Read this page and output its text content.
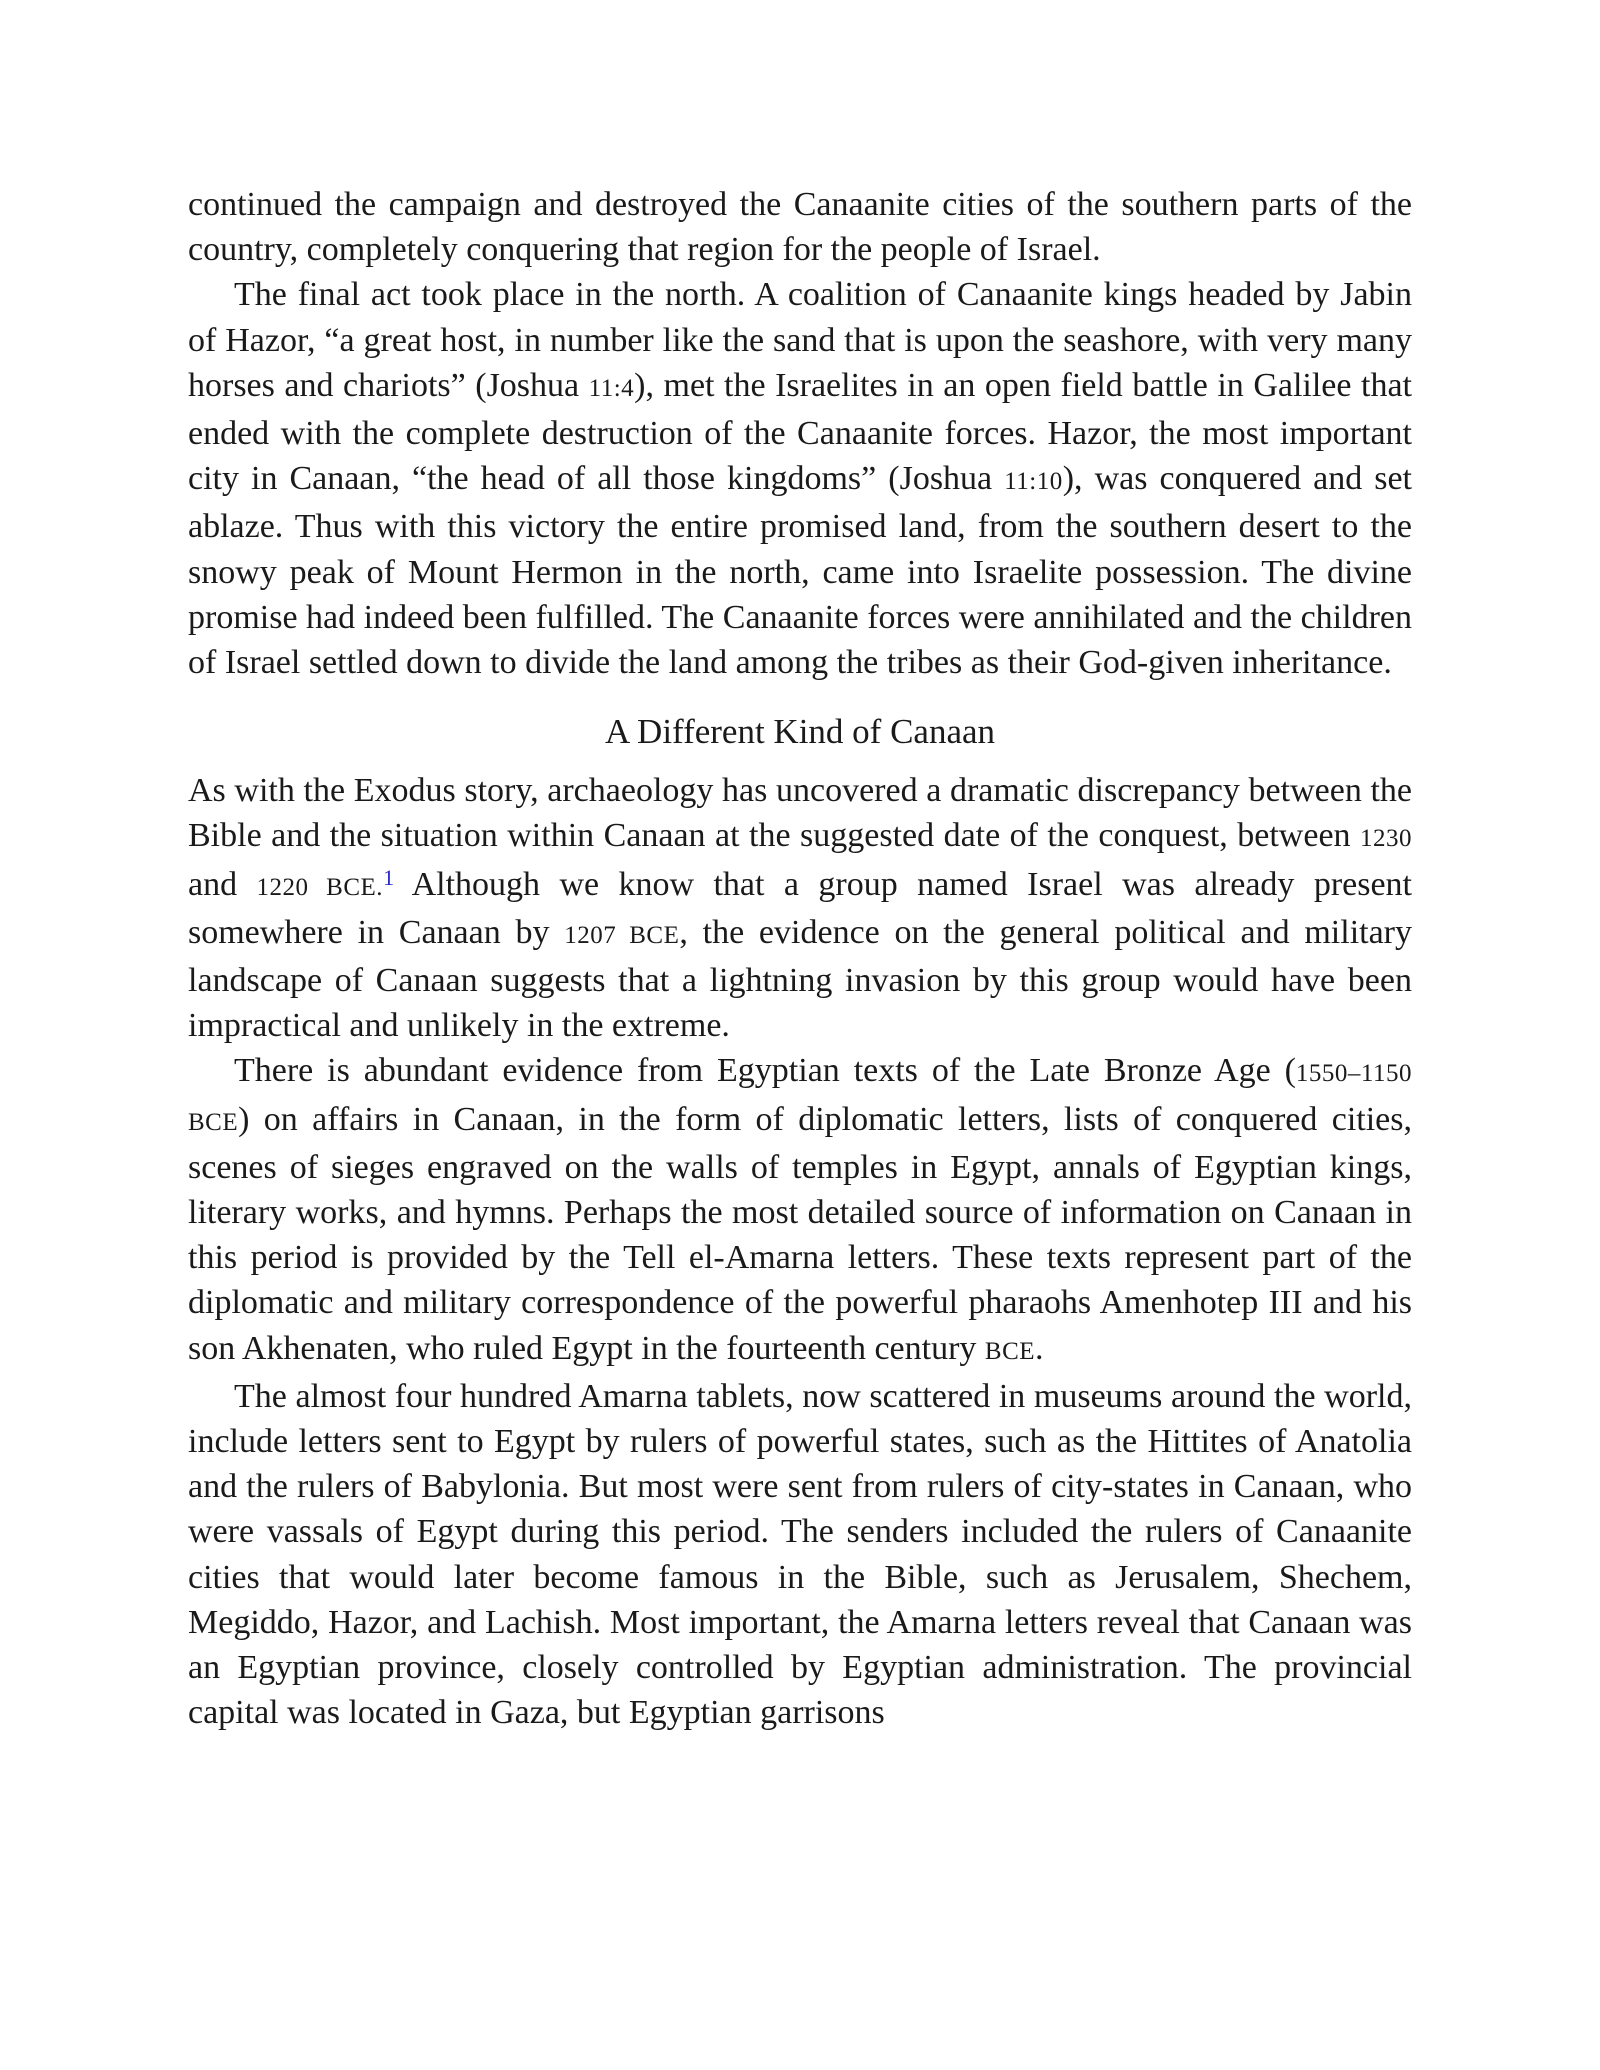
continued the campaign and destroyed the Canaanite cities of the southern parts of the country, completely conquering that region for the people of Israel.

The final act took place in the north. A coalition of Canaanite kings headed by Jabin of Hazor, “a great host, in number like the sand that is upon the seashore, with very many horses and chariots” (Joshua 11:4), met the Israelites in an open field battle in Galilee that ended with the complete destruction of the Canaanite forces. Hazor, the most important city in Canaan, “the head of all those kingdoms” (Joshua 11:10), was conquered and set ablaze. Thus with this victory the entire promised land, from the southern desert to the snowy peak of Mount Hermon in the north, came into Israelite possession. The divine promise had indeed been fulfilled. The Canaanite forces were annihilated and the children of Israel settled down to divide the land among the tribes as their God-given inheritance.

A Different Kind of Canaan

As with the Exodus story, archaeology has uncovered a dramatic discrepancy between the Bible and the situation within Canaan at the suggested date of the conquest, between 1230 and 1220 BCE.$^1$ Although we know that a group named Israel was already present somewhere in Canaan by 1207 BCE, the evidence on the general political and military landscape of Canaan suggests that a lightning invasion by this group would have been impractical and unlikely in the extreme.

There is abundant evidence from Egyptian texts of the Late Bronze Age (1550–1150 BCE) on affairs in Canaan, in the form of diplomatic letters, lists of conquered cities, scenes of sieges engraved on the walls of temples in Egypt, annals of Egyptian kings, literary works, and hymns. Perhaps the most detailed source of information on Canaan in this period is provided by the Tell el-Amarna letters. These texts represent part of the diplomatic and military correspondence of the powerful pharaohs Amenhotep III and his son Akhenaten, who ruled Egypt in the fourteenth century BCE.

The almost four hundred Amarna tablets, now scattered in museums around the world, include letters sent to Egypt by rulers of powerful states, such as the Hittites of Anatolia and the rulers of Babylonia. But most were sent from rulers of city-states in Canaan, who were vassals of Egypt during this period. The senders included the rulers of Canaanite cities that would later become famous in the Bible, such as Jerusalem, Shechem, Megiddo, Hazor, and Lachish. Most important, the Amarna letters reveal that Canaan was an Egyptian province, closely controlled by Egyptian administration. The provincial capital was located in Gaza, but Egyptian garrisons
